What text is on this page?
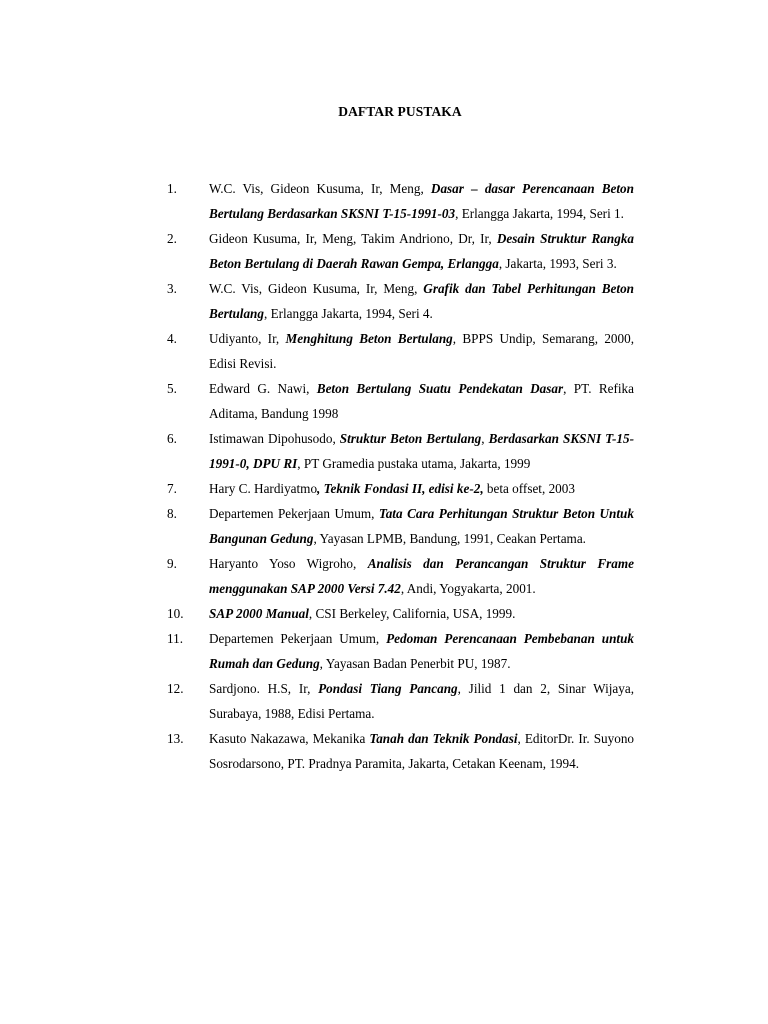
DAFTAR PUSTAKA
1.	W.C. Vis, Gideon Kusuma, Ir, Meng, Dasar – dasar Perencanaan Beton Bertulang Berdasarkan SKSNI T-15-1991-03, Erlangga Jakarta, 1994, Seri 1.
2.	Gideon Kusuma, Ir, Meng, Takim Andriono, Dr, Ir, Desain Struktur Rangka Beton Bertulang di Daerah Rawan Gempa, Erlangga, Jakarta, 1993, Seri 3.
3.	W.C. Vis, Gideon Kusuma, Ir, Meng, Grafik dan Tabel Perhitungan Beton Bertulang, Erlangga Jakarta, 1994, Seri 4.
4.	Udiyanto, Ir, Menghitung Beton Bertulang, BPPS Undip, Semarang, 2000, Edisi Revisi.
5.	Edward G. Nawi, Beton Bertulang Suatu Pendekatan Dasar, PT. Refika Aditama, Bandung 1998
6.	Istimawan Dipohusodo, Struktur Beton Bertulang, Berdasarkan SKSNI T-15-1991-0, DPU RI, PT Gramedia pustaka utama, Jakarta, 1999
7.	Hary C. Hardiyatmo, Teknik Fondasi II, edisi ke-2, beta offset, 2003
8.	Departemen Pekerjaan Umum, Tata Cara Perhitungan Struktur Beton Untuk Bangunan Gedung, Yayasan LPMB, Bandung, 1991, Ceakan Pertama.
9.	Haryanto Yoso Wigroho, Analisis dan Perancangan Struktur Frame menggunakan SAP 2000 Versi 7.42, Andi, Yogyakarta, 2001.
10.	SAP 2000 Manual, CSI Berkeley, California, USA, 1999.
11.	Departemen Pekerjaan Umum, Pedoman Perencanaan Pembebanan untuk Rumah dan Gedung, Yayasan Badan Penerbit PU, 1987.
12.	Sardjono. H.S, Ir, Pondasi Tiang Pancang, Jilid 1 dan 2, Sinar Wijaya, Surabaya, 1988, Edisi Pertama.
13.	Kasuto Nakazawa, Mekanika Tanah dan Teknik Pondasi, EditorDr. Ir. Suyono Sosrodarsono, PT. Pradnya Paramita, Jakarta, Cetakan Keenam, 1994.
